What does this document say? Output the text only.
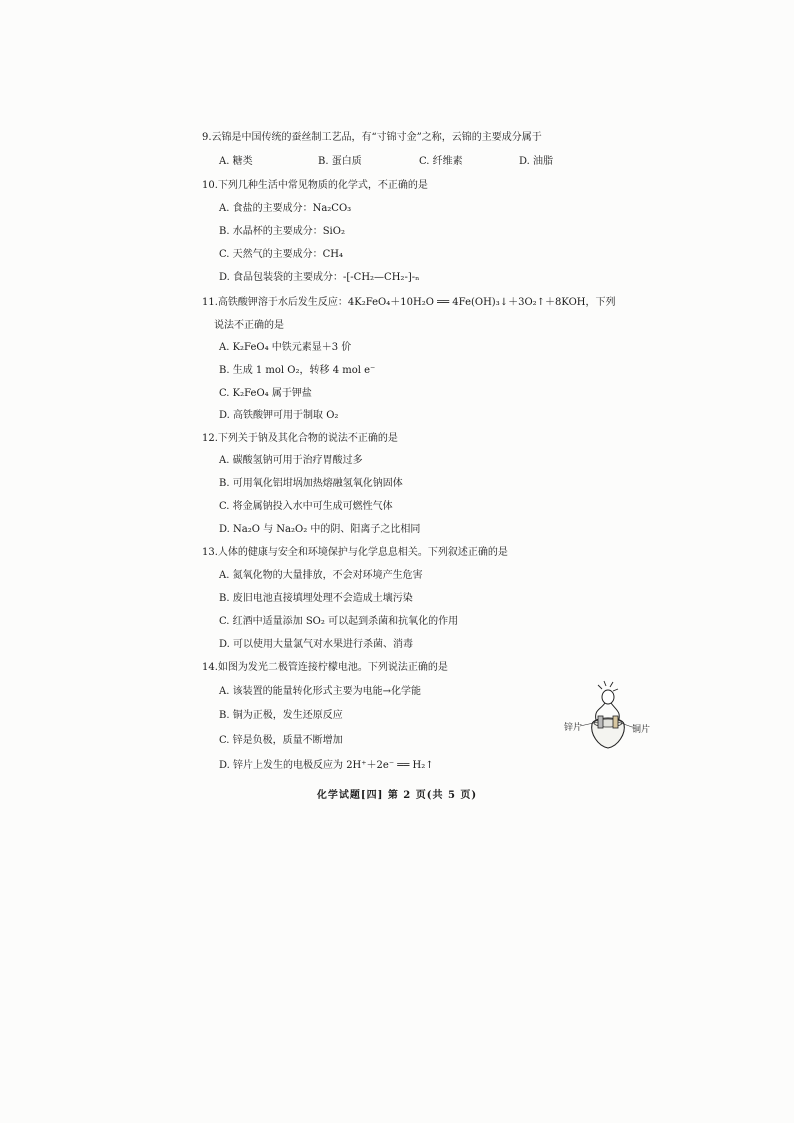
9.云锦是中国传统的蚕丝制工艺品，有“寸锦寸金”之称，云锦的主要成分属于
A. 糖类	B. 蛋白质	C. 纤维素	D. 油脂
10.下列几种生活中常见物质的化学式，不正确的是
A. 食盐的主要成分：Na₂CO₃
B. 水晶杯的主要成分：SiO₂
C. 天然气的主要成分：CH₄
D. 食品包装袋的主要成分：-[-CH₂—CH₂-]-ₙ
11.高铁酸钾溶于水后发生反应：4K₂FeO₄＋10H₂O ══ 4Fe(OH)₃↓＋3O₂↑＋8KOH，下列
说法不正确的是
A. K₂FeO₄ 中铁元素显＋3 价
B. 生成 1 mol O₂，转移 4 mol e⁻
C. K₂FeO₄ 属于钾盐
D. 高铁酸钾可用于制取 O₂
12.下列关于钠及其化合物的说法不正确的是
A. 碳酸氢钠可用于治疗胃酸过多
B. 可用氧化铝坩埚加热熔融氢氧化钠固体
C. 将金属钠投入水中可生成可燃性气体
D. Na₂O 与 Na₂O₂ 中的阴、阳离子之比相同
13.人体的健康与安全和环境保护与化学息息相关。下列叙述正确的是
A. 氮氧化物的大量排放，不会对环境产生危害
B. 废旧电池直接填埋处理不会造成土壤污染
C. 红酒中适量添加 SO₂ 可以起到杀菌和抗氧化的作用
D. 可以使用大量氯气对水果进行杀菌、消毒
14.如图为发光二极管连接柠檬电池。下列说法正确的是
A. 该装置的能量转化形式主要为电能→化学能
B. 铜为正极，发生还原反应
C. 锌是负极，质量不断增加
D. 锌片上发生的电极反应为 2H⁺＋2e⁻ ══ H₂↑
锌片	铜片
化学试题[四] 第 2 页(共 5 页)
